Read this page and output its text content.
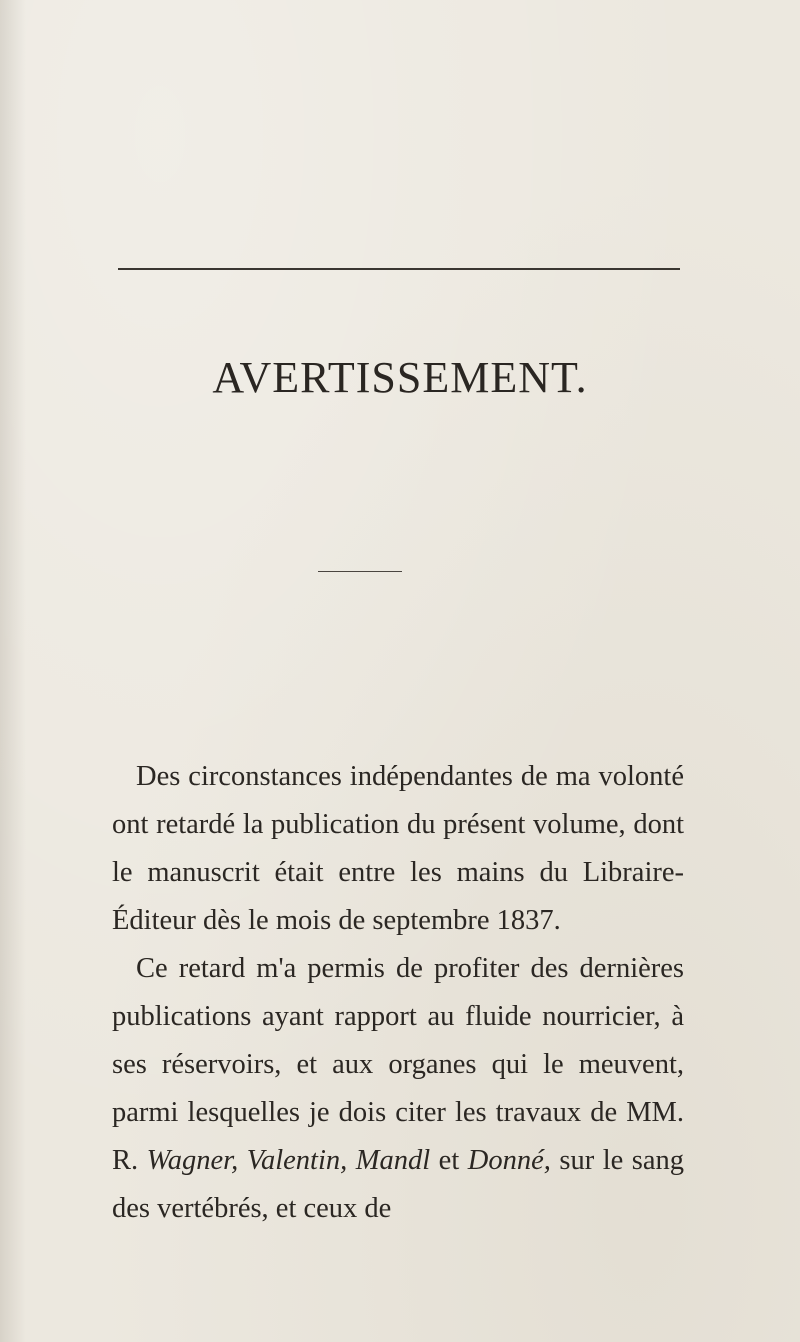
AVERTISSEMENT.

Des circonstances indépendantes de ma volonté ont retardé la publication du présent volume, dont le manuscrit était entre les mains du Libraire-Éditeur dès le mois de septembre 1837.

Ce retard m'a permis de profiter des dernières publications ayant rapport au fluide nourricier, à ses réservoirs, et aux organes qui le meuvent, parmi lesquelles je dois citer les travaux de MM. R. Wagner, Valentin, Mandl et Donné, sur le sang des vertébrés, et ceux de
